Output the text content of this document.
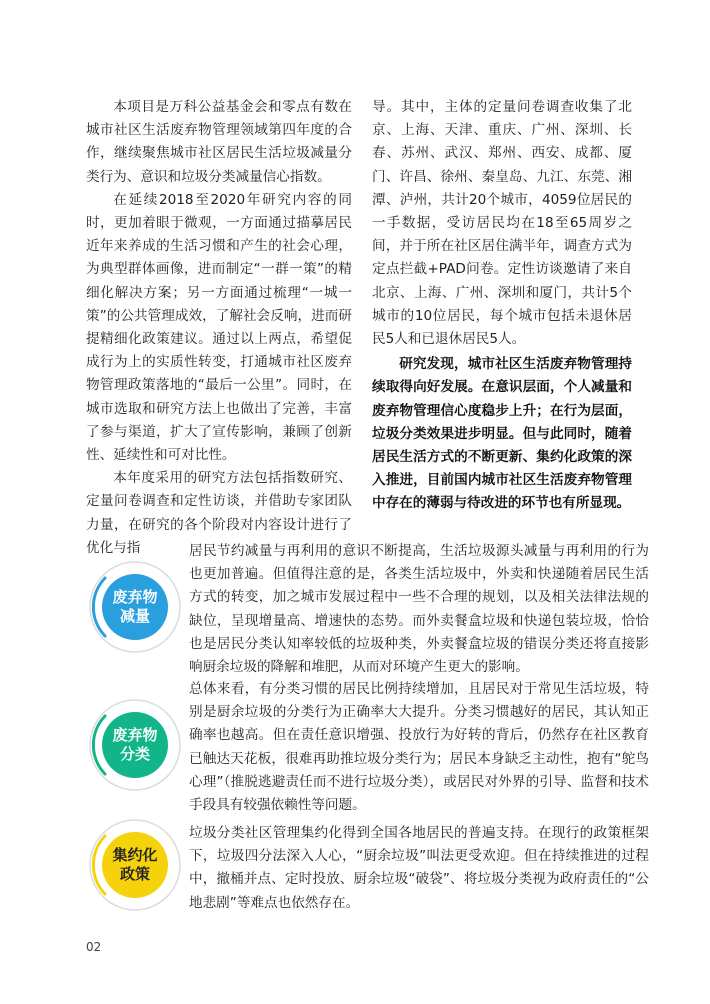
本项目是万科公益基金会和零点有数在城市社区生活废弃物管理领域第四年度的合作，继续聚焦城市社区居民生活垃圾减量分类行为、意识和垃圾分类减量信心指数。

在延续2018至2020年研究内容的同时，更加着眼于微观，一方面通过描摹居民近年来养成的生活习惯和产生的社会心理，为典型群体画像，进而制定“一群一策”的精细化解决方案；另一方面通过梳理“一城一策”的公共管理成效，了解社会反响，进而研提精细化政策建议。通过以上两点，希望促成行为上的实质性转变，打通城市社区废弃物管理政策落地的“最后一公里”。同时，在城市选取和研究方法上也做出了完善，丰富了参与渠道，扩大了宣传影响，兼顾了创新性、延续性和可对比性。

本年度采用的研究方法包括指数研究、定量问卷调查和定性访谈，并借助专家团队力量，在研究的各个阶段对内容设计进行了优化与指

导。其中，主体的定量问卷调查收集了北京、上海、天津、重庆、广州、深圳、长春、苏州、武汉、郑州、西安、成都、厦门、许昌、徐州、秦皇岛、九江、东莞、湘潭、泸州，共计20个城市，4059位居民的一手数据，受访居民均在18至65周岁之间，并于所在社区居住满半年，调查方式为定点拦截+PAD问卷。定性访谈邀请了来自北京、上海、广州、深圳和厦门，共计5个城市的10位居民，每个城市包括未退休居民5人和已退休居民5人。

研究发现，城市社区生活废弃物管理持续取得向好发展。在意识层面，个人减量和废弃物管理信心度稳步上升；在行为层面，垃圾分类效果进步明显。但与此同时，随着居民生活方式的不断更新、集约化政策的深入推进，目前国内城市社区生活废弃物管理中存在的薄弱与待改进的环节也有所显现。

废弃物减量

居民节约减量与再利用的意识不断提高，生活垃圾源头减量与再利用的行为也更加普遍。但值得注意的是，各类生活垃圾中，外卖和快递随着居民生活方式的转变，加之城市发展过程中一些不合理的规划，以及相关法律法规的缺位，呈现增量高、增速快的态势。而外卖餐盒垃圾和快递包装垃圾，恰恰也是居民分类认知率较低的垃圾种类，外卖餐盒垃圾的错误分类还将直接影响厨余垃圾的降解和堆肥，从而对环境产生更大的影响。

废弃物分类

总体来看，有分类习惯的居民比例持续增加，且居民对于常见生活垃圾，特别是厨余垃圾的分类行为正确率大大提升。分类习惯越好的居民，其认知正确率也越高。但在责任意识增强、投放行为好转的背后，仍然存在社区教育已触达天花板，很难再助推垃圾分类行为；居民本身缺乏主动性，抱有“鸵鸟心理”（推脱逃避责任而不进行垃圾分类），或居民对外界的引导、监督和技术手段具有较强依赖性等问题。

集约化政策

垃圾分类社区管理集约化得到全国各地居民的普遍支持。在现行的政策框架下，垃圾四分法深入人心，“厨余垃圾”叫法更受欢迎。但在持续推进的过程中，撤桶并点、定时投放、厨余垃圾“破袋”、将垃圾分类视为政府责任的“公地悲剧”等难点也依然存在。

02
